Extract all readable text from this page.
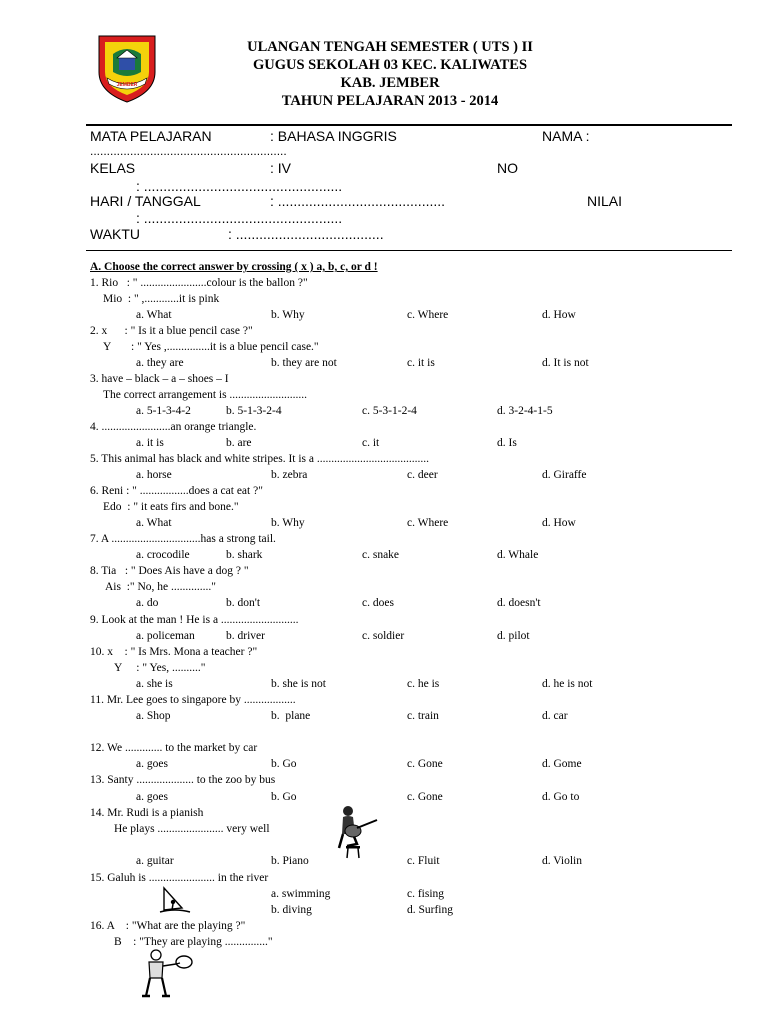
JEMBER
ULANGAN TENGAH SEMESTER ( UTS ) II
GUGUS SEKOLAH 03 KEC. KALIWATES
KAB. JEMBER
TAHUN PELAJARAN 2013 - 2014
MATA PELAJARAN	: BAHASA INGGRIS	NAMA :
...........................................................
KELAS	: IV	NO
: ...................................................
HARI / TANGGAL	: ...........................................	NILAI
: ...................................................
WAKTU	: ......................................
A. Choose the correct answer by crossing ( x ) a, b, c, or d !
1. Rio   : " .......................colour is the ballon ?"
Mio  : " ,............it is pink
a. What	b. Why	c. Where	d. How
2. x      : " Is it a blue pencil case ?"
Y       : " Yes ,...............it is a blue pencil case."
a. they are	b. they are not	c. it is	d. It is not
3. have – black – a – shoes – I
The correct arrangement is ...........................
a. 5-1-3-4-2	b. 5-1-3-2-4	c. 5-3-1-2-4	d. 3-2-4-1-5
4. ........................an orange triangle.
a. it is	b. are	c. it	d. Is
5. This animal has black and white stripes. It is a .......................................
a. horse	b. zebra	c. deer	d. Giraffe
6. Reni : " .................does a cat eat ?"
Edo  : " it eats firs and bone."
a. What	b. Why	c. Where	d. How
7. A ...............................has a strong tail.
a. crocodile	b. shark	c. snake	d. Whale
8. Tia   : " Does Ais have a dog ? "
Ais  :" No, he .............."
a. do	b. don't	c. does	d. doesn't
9. Look at the man ! He is a ...........................
a. policeman	b. driver	c. soldier	d. pilot
10. x    : " Is Mrs. Mona a teacher ?"
Y     : " Yes, .........."
a. she is	b. she is not	c. he is	d. he is not
11. Mr. Lee goes to singapore by ..................
a. Shop	b.  plane	c. train	d. car
12. We ............. to the market by car
a. goes	b. Go	c. Gone	d. Gome
13. Santy .................... to the zoo by bus
a. goes	b. Go	c. Gone	d. Go to
14. Mr. Rudi is a pianish
He plays ....................... very well
a. guitar	b. Piano	c. Fluit	d. Violin
15. Galuh is ....................... in the river
a. swimming	c. fising
b. diving	d. Surfing
16. A    : "What are the playing ?"
B    : "They are playing ..............."
